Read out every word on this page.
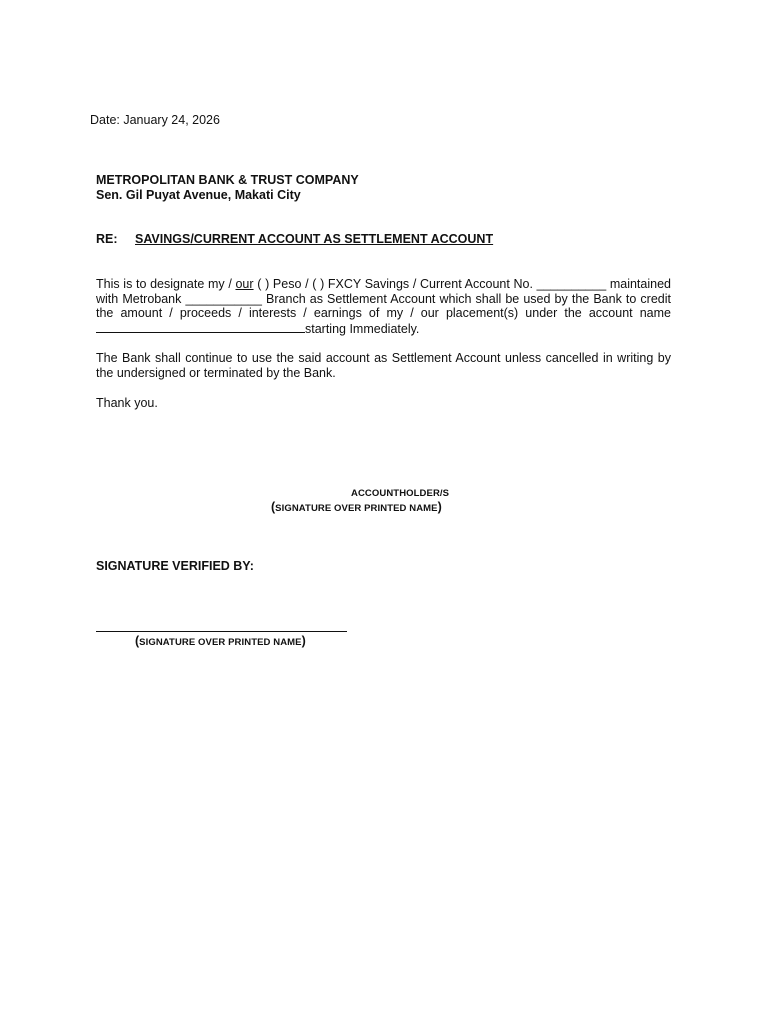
Date: January 24, 2026

METROPOLITAN BANK & TRUST COMPANY
Sen. Gil Puyat Avenue, Makati City
RE: SAVINGS/CURRENT ACCOUNT AS SETTLEMENT ACCOUNT

This is to designate my / our ( ) Peso / ( ) FXCY Savings / Current Account No. __________ maintained with Metrobank ___________ Branch as Settlement Account which shall be used by the Bank to credit the amount / proceeds / interests / earnings of my / our placement(s) under the account name starting Immediately.

The Bank shall continue to use the said account as Settlement Account unless cancelled in writing by the undersigned or terminated by the Bank.

Thank you.

ACCOUNTHOLDER/S
(SIGNATURE OVER PRINTED NAME)

SIGNATURE VERIFIED BY:

(SIGNATURE OVER PRINTED NAME)
